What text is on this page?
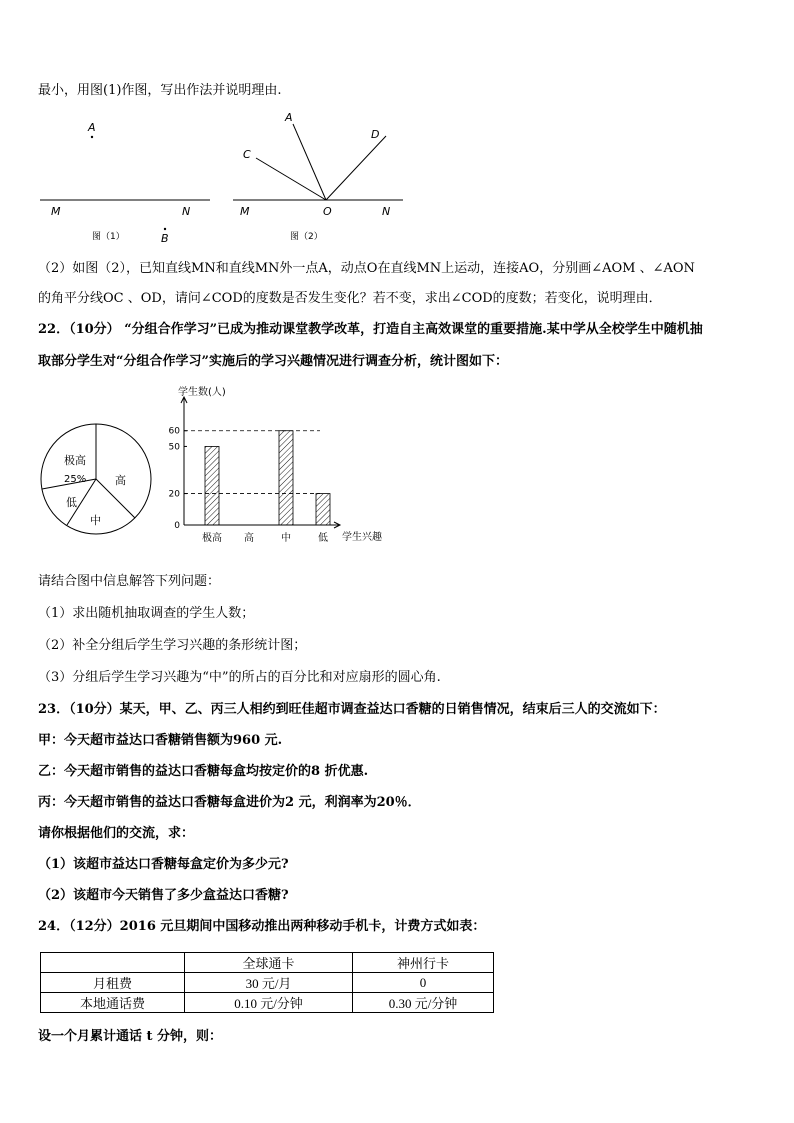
最小，用图(1)作图，写出作法并说明理由.
A
M	N
图（1）	B
A
C
D
M	O	N
图（2）
（2）如图（2），已知直线MN和直线MN外一点A，动点O在直线MN上运动，连接AO，分别画∠AOM 、∠AON
的角平分线OC 、OD，请问∠COD的度数是否发生变化？若不变，求出∠COD的度数；若变化，说明理由．
22．（10分） “分组合作学习”已成为推动课堂教学改革，打造自主高效课堂的重要措施.某中学从全校学生中随机抽
取部分学生对“分组合作学习”实施后的学习兴趣情况进行调查分析，统计图如下：
极高
25%	高
低
中
学生数(人)
学生兴趣
0
20
50
60
极高 高	中	低
请结合图中信息解答下列问题：
（1）求出随机抽取调查的学生人数；
（2）补全分组后学生学习兴趣的条形统计图；
（3）分组后学生学习兴趣为“中”的所占的百分比和对应扇形的圆心角.
23．（10分）某天，甲、乙、丙三人相约到旺佳超市调查益达口香糖的日销售情况，结束后三人的交流如下：
甲：今天超市益达口香糖销售额为960 元.
乙：今天超市销售的益达口香糖每盒均按定价的8 折优惠.
丙：今天超市销售的益达口香糖每盒进价为2 元，利润率为20％．
请你根据他们的交流，求：
（1）该超市益达口香糖每盒定价为多少元?
（2）该超市今天销售了多少盒益达口香糖?
24．（12分）2016 元旦期间中国移动推出两种移动手机卡，计费方式如表：
	全球通卡	神州行卡
月租费	30 元/月	0
本地通话费	0.10 元/分钟	0.30 元/分钟
设一个月累计通话 t 分钟，则：
